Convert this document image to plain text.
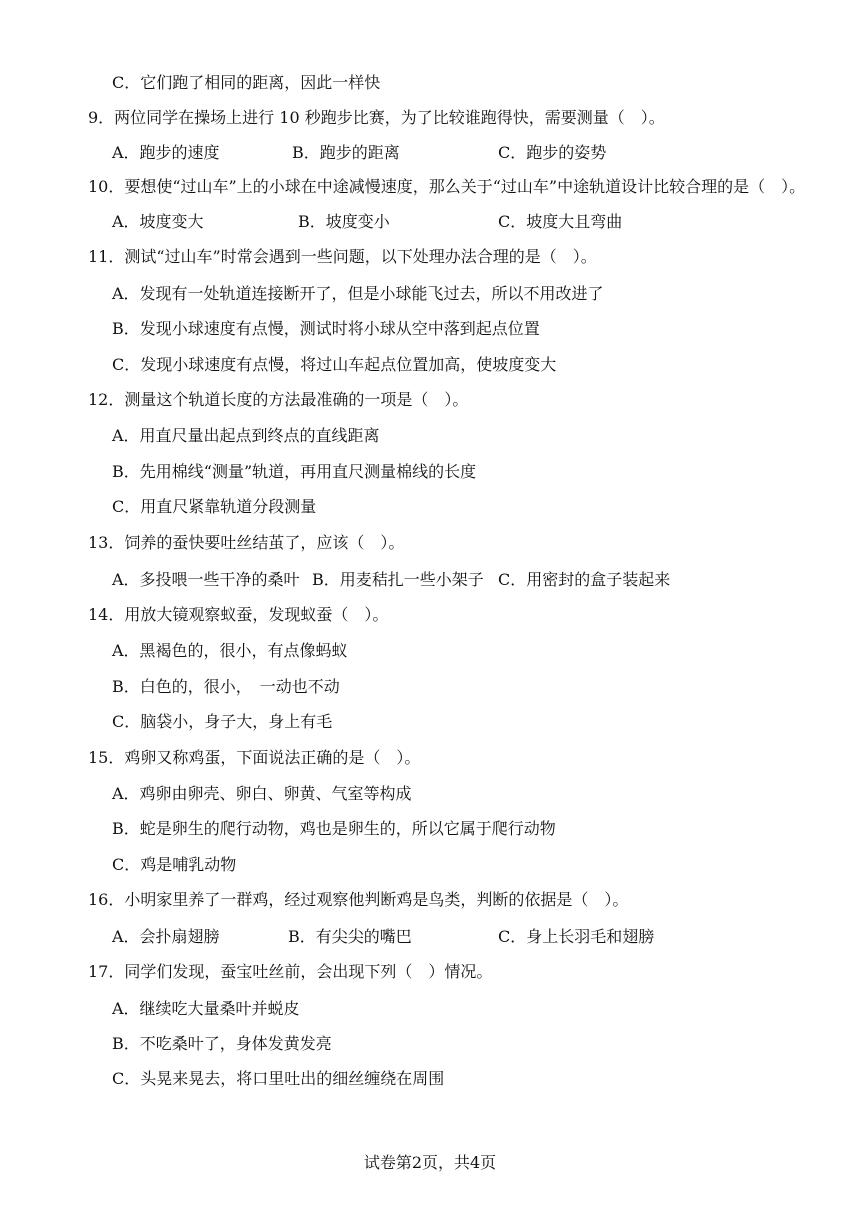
C．它们跑了相同的距离，因此一样快
9．两位同学在操场上进行 10 秒跑步比赛，为了比较谁跑得快，需要测量（　）。
A．跑步的速度	B．跑步的距离	C．跑步的姿势
10．要想使“过山车”上的小球在中途减慢速度，那么关于“过山车”中途轨道设计比较合理的是（　）。
A．坡度变大	B．坡度变小	C．坡度大且弯曲
11．测试“过山车”时常会遇到一些问题，以下处理办法合理的是（　）。
A．发现有一处轨道连接断开了，但是小球能飞过去，所以不用改进了
B．发现小球速度有点慢，测试时将小球从空中落到起点位置
C．发现小球速度有点慢，将过山车起点位置加高，使坡度变大
12．测量这个轨道长度的方法最准确的一项是（　）。
A．用直尺量出起点到终点的直线距离
B．先用棉线“测量”轨道，再用直尺测量棉线的长度
C．用直尺紧靠轨道分段测量
13．饲养的蚕快要吐丝结茧了，应该（　）。
A．多投喂一些干净的桑叶 B．用麦秸扎一些小架子 C．用密封的盒子装起来
14．用放大镜观察蚁蚕，发现蚁蚕（　）。
A．黑褐色的，很小，有点像蚂蚁
B．白色的，很小，　一动也不动
C．脑袋小，身子大，身上有毛
15．鸡卵又称鸡蛋，下面说法正确的是（　）。
A．鸡卵由卵壳、卵白、卵黄、气室等构成
B．蛇是卵生的爬行动物，鸡也是卵生的，所以它属于爬行动物
C．鸡是哺乳动物
16．小明家里养了一群鸡，经过观察他判断鸡是鸟类，判断的依据是（　）。
A．会扑扇翅膀	B．有尖尖的嘴巴	C．身上长羽毛和翅膀
17．同学们发现，蚕宝吐丝前，会出现下列（　）情况。
A．继续吃大量桑叶并蜕皮
B．不吃桑叶了，身体发黄发亮
C．头晃来晃去，将口里吐出的细丝缠绕在周围
试卷第2页，共4页
